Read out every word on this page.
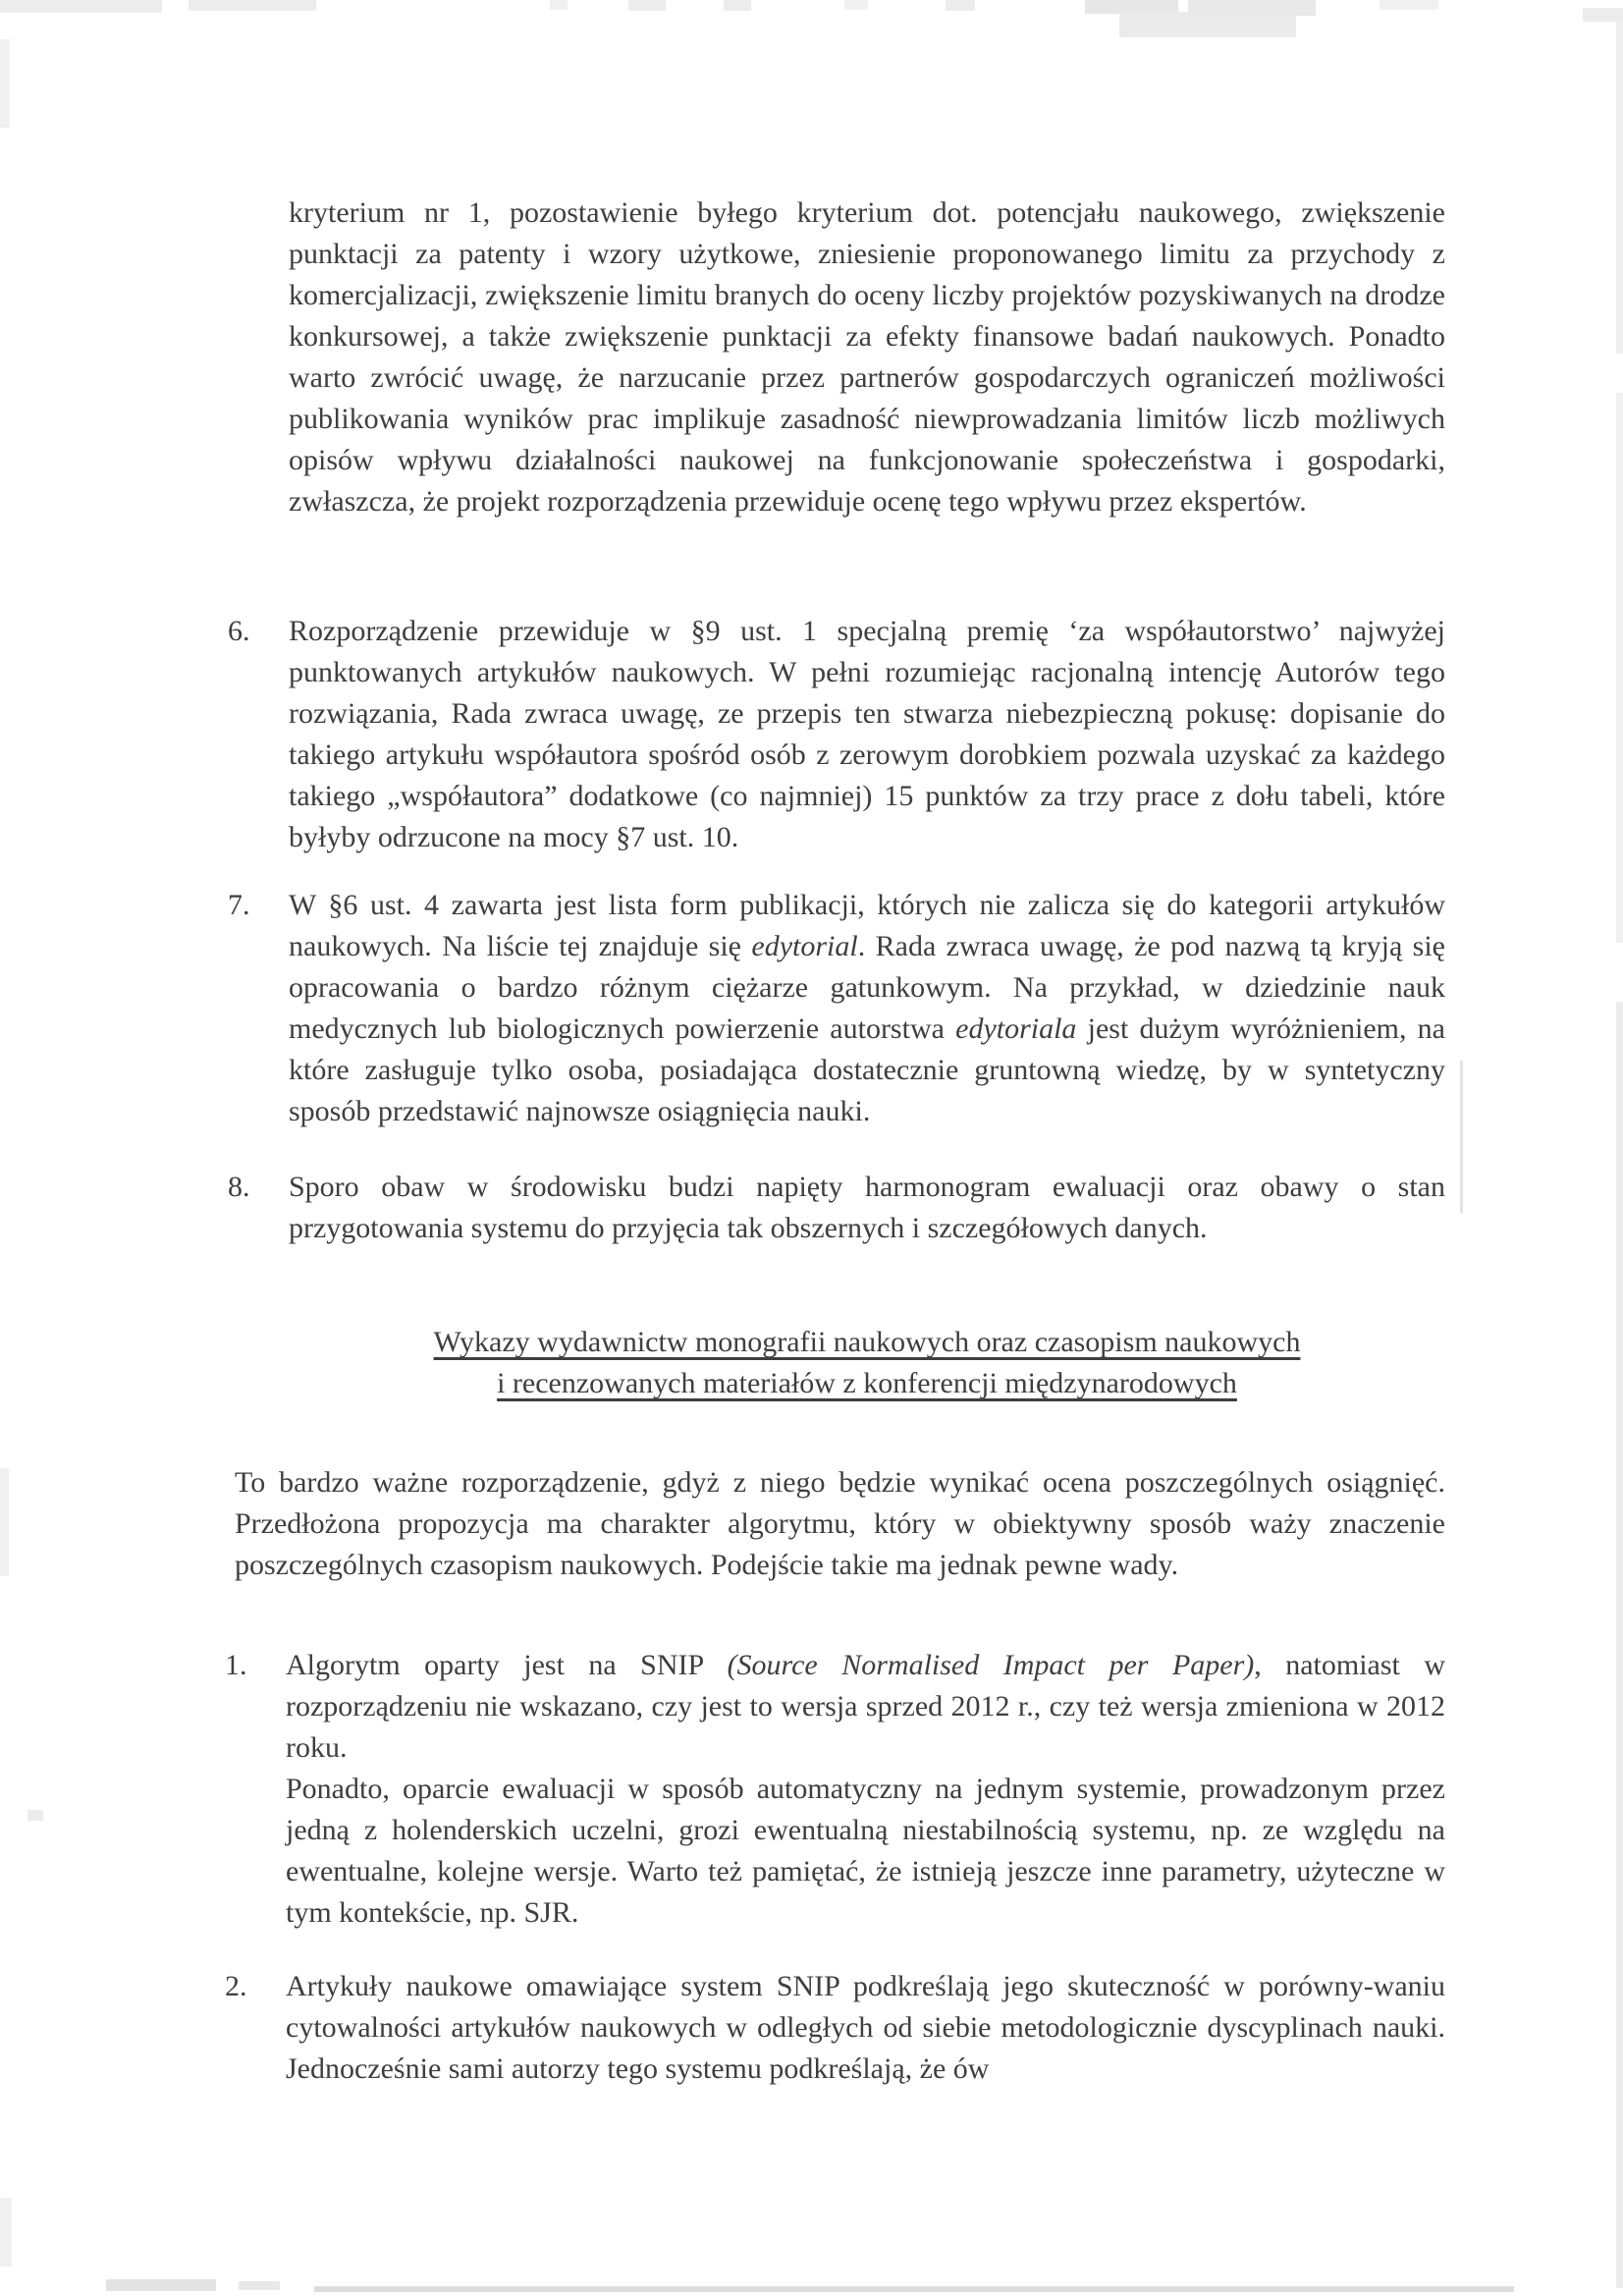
kryterium nr 1, pozostawienie byłego kryterium dot. potencjału naukowego, zwiększenie punktacji za patenty i wzory użytkowe, zniesienie proponowanego limitu za przychody z komercjalizacji, zwiększenie limitu branych do oceny liczby projektów pozyskiwanych na drodze konkursowej, a także zwiększenie punktacji za efekty finansowe badań naukowych. Ponadto warto zwrócić uwagę, że narzucanie przez partnerów gospodarczych ograniczeń możliwości publikowania wyników prac implikuje zasadność niewprowadzania limitów liczb możliwych opisów wpływu działalności naukowej na funkcjonowanie społeczeństwa i gospodarki, zwłaszcza, że projekt rozporządzenia przewiduje ocenę tego wpływu przez ekspertów.

6.	Rozporządzenie przewiduje w §9 ust. 1 specjalną premię ‘za współautorstwo’ najwyżej punktowanych artykułów naukowych. W pełni rozumiejąc racjonalną intencję Autorów tego rozwiązania, Rada zwraca uwagę, ze przepis ten stwarza niebezpieczną pokusę: dopisanie do takiego artykułu współautora spośród osób z zerowym dorobkiem pozwala uzyskać za każdego takiego „współautora” dodatkowe (co najmniej) 15 punktów za trzy prace z dołu tabeli, które byłyby odrzucone na mocy §7 ust. 10.
7.	W §6 ust. 4 zawarta jest lista form publikacji, których nie zalicza się do kategorii artykułów naukowych. Na liście tej znajduje się edytorial. Rada zwraca uwagę, że pod nazwą tą kryją się opracowania o bardzo różnym ciężarze gatunkowym. Na przykład, w dziedzinie nauk medycznych lub biologicznych powierzenie autorstwa edytoriala jest dużym wyróżnieniem, na które zasługuje tylko osoba, posiadająca dostatecznie gruntowną wiedzę, by w syntetyczny sposób przedstawić najnowsze osiągnięcia nauki.
8.	Sporo obaw w środowisku budzi napięty harmonogram ewaluacji oraz obawy o stan przygotowania systemu do przyjęcia tak obszernych i szczegółowych danych.
Wykazy wydawnictw monografii naukowych oraz czasopism naukowych
i recenzowanych materiałów z konferencji międzynarodowych

To bardzo ważne rozporządzenie, gdyż z niego będzie wynikać ocena poszczególnych osiągnięć. Przedłożona propozycja ma charakter algorytmu, który w obiektywny sposób waży znaczenie poszczególnych czasopism naukowych. Podejście takie ma jednak pewne wady.

1.	Algorytm oparty jest na SNIP (Source Normalised Impact per Paper), natomiast w rozporządzeniu nie wskazano, czy jest to wersja sprzed 2012 r., czy też wersja zmieniona w 2012 roku.
Ponadto, oparcie ewaluacji w sposób automatyczny na jednym systemie, prowadzonym przez jedną z holenderskich uczelni, grozi ewentualną niestabilnością systemu, np. ze względu na ewentualne, kolejne wersje. Warto też pamiętać, że istnieją jeszcze inne parametry, użyteczne w tym kontekście, np. SJR.
2.	Artykuły naukowe omawiające system SNIP podkreślają jego skuteczność w porówny-waniu cytowalności artykułów naukowych w odległych od siebie metodologicznie dyscyplinach nauki. Jednocześnie sami autorzy tego systemu podkreślają, że ów
